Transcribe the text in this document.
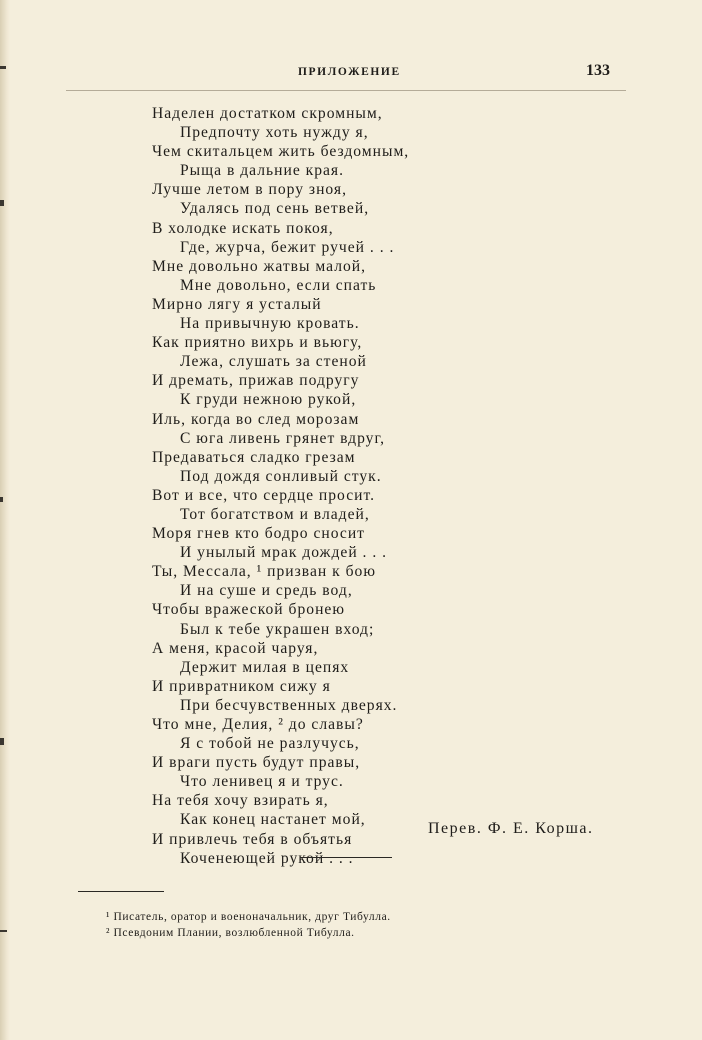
ПРИЛОЖЕНИЕ	133
Наделен достатком скромным,
Предпочту хоть нужду я,
Чем скитальцем жить бездомным,
Рыща в дальние края.
Лучше летом в пору зноя,
Удалясь под сень ветвей,
В холодке искать покоя,
Где, журча, бежит ручей . . .
Мне довольно жатвы малой,
Мне довольно, если спать
Мирно лягу я усталый
На привычную кровать.
Как приятно вихрь и вьюгу,
Лежа, слушать за стеной
И дремать, прижав подругу
К груди нежною рукой,
Иль, когда во след морозам
С юга ливень грянет вдруг,
Предаваться сладко грезам
Под дождя сонливый стук.
Вот и все, что сердце просит.
Тот богатством и владей,
Моря гнев кто бодро сносит
И унылый мрак дождей . . .
Ты, Мессала, ¹ призван к бою
И на суше и средь вод,
Чтобы вражеской бронею
Был к тебе украшен вход;
А меня, красой чаруя,
Держит милая в цепях
И привратником сижу я
При бесчувственных дверях.
Что мне, Делия, ² до славы?
Я с тобой не разлучусь,
И враги пусть будут правы,
Что ленивец я и трус.
На тебя хочу взирать я,
Как конец настанет мой,
И привлечь тебя в объятья
Коченеющей рукой . . .
Перев. Ф. Е. Корша.
¹ Писатель, оратор и военоначальник, друг Тибулла.
² Псевдоним Плании, возлюбленной Тибулла.
